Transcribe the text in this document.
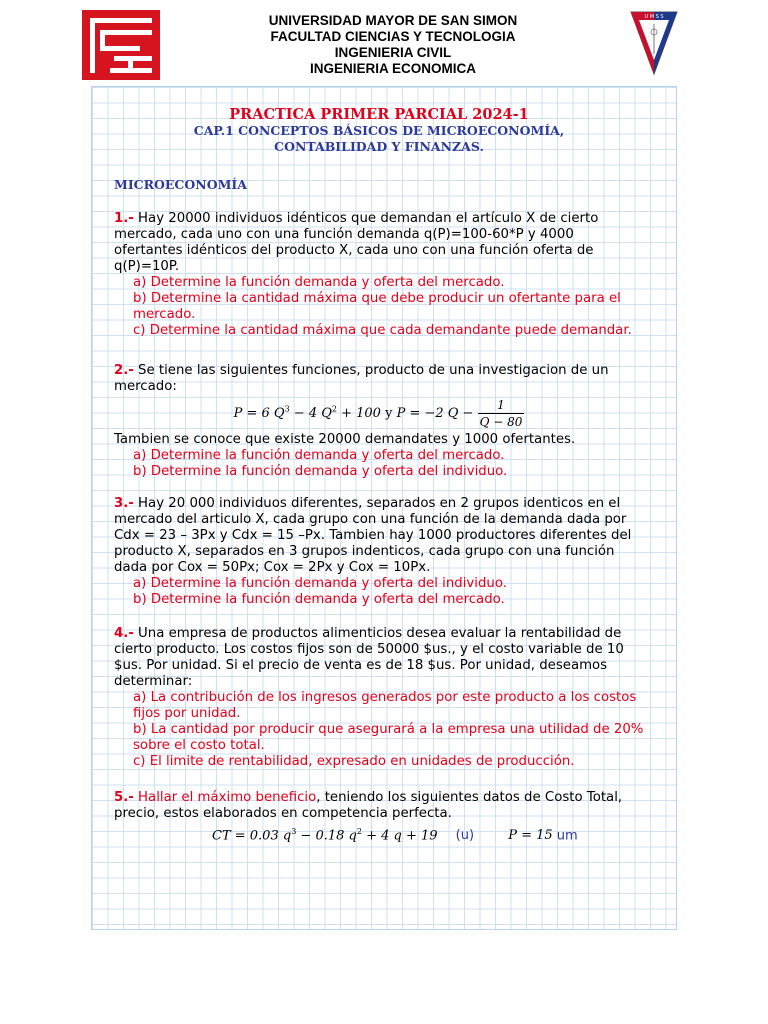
UNIVERSIDAD MAYOR DE SAN SIMON
FACULTAD CIENCIAS Y TECNOLOGIA
INGENIERIA CIVIL
INGENIERIA ECONOMICA
U M S S
PRACTICA PRIMER PARCIAL 2024-1
CAP.1 CONCEPTOS BÁSICOS DE MICROECONOMÍA,
CONTABILIDAD Y FINANZAS.
MICROECONOMÍA

1.- Hay 20000 individuos idénticos que demandan el artículo X de cierto mercado, cada uno con una función demanda q(P)=100-60*P y 4000 ofertantes idénticos del producto X, cada uno con una función oferta de q(P)=10P.

a) Determine la función demanda y oferta del mercado.
b) Determine la cantidad máxima que debe producir un ofertante para el mercado.
c) Determine la cantidad máxima que cada demandante puede demandar.

2.- Se tiene las siguientes funciones, producto de una investigacion de un mercado:

P = 6 $Q^3 - 4$ $Q^2 + 100$ y P = −2 $Q - \frac{1}{Q - 80}$

Tambien se conoce que existe 20000 demandates y 1000 ofertantes.

a) Determine la función demanda y oferta del mercado.
b) Determine la función demanda y oferta del individuo.

3.- Hay 20 000 individuos diferentes, separados en 2 grupos identicos en el mercado del articulo X, cada grupo con una función de la demanda dada por Cdx = 23 – 3Px y Cdx = 15 –Px. Tambien hay 1000 productores diferentes del producto X, separados en 3 grupos indenticos, cada grupo con una función dada por Cox = 50Px; Cox = 2Px y Cox = 10Px.

a) Determine la función demanda y oferta del individuo.
b) Determine la función demanda y oferta del mercado.

4.- Una empresa de productos alimenticios desea evaluar la rentabilidad de cierto producto. Los costos fijos son de 50000 $us., y el costo variable de 10 $us. Por unidad. Si el precio de venta es de 18 $us. Por unidad, deseamos determinar:

a) La contribución de los ingresos generados por este producto a los costos fijos por unidad.
b) La cantidad por producir que asegurará a la empresa una utilidad de 20% sobre el costo total.
c) El limite de rentabilidad, expresado en unidades de producción.

5.- Hallar el máximo beneficio, teniendo los siguientes datos de Costo Total, precio, estos elaborados en competencia perfecta.

CT = 0.03 $q^3 - 0.18$ $q^2 + 4$ q + 19 (u)	P = 15 um
